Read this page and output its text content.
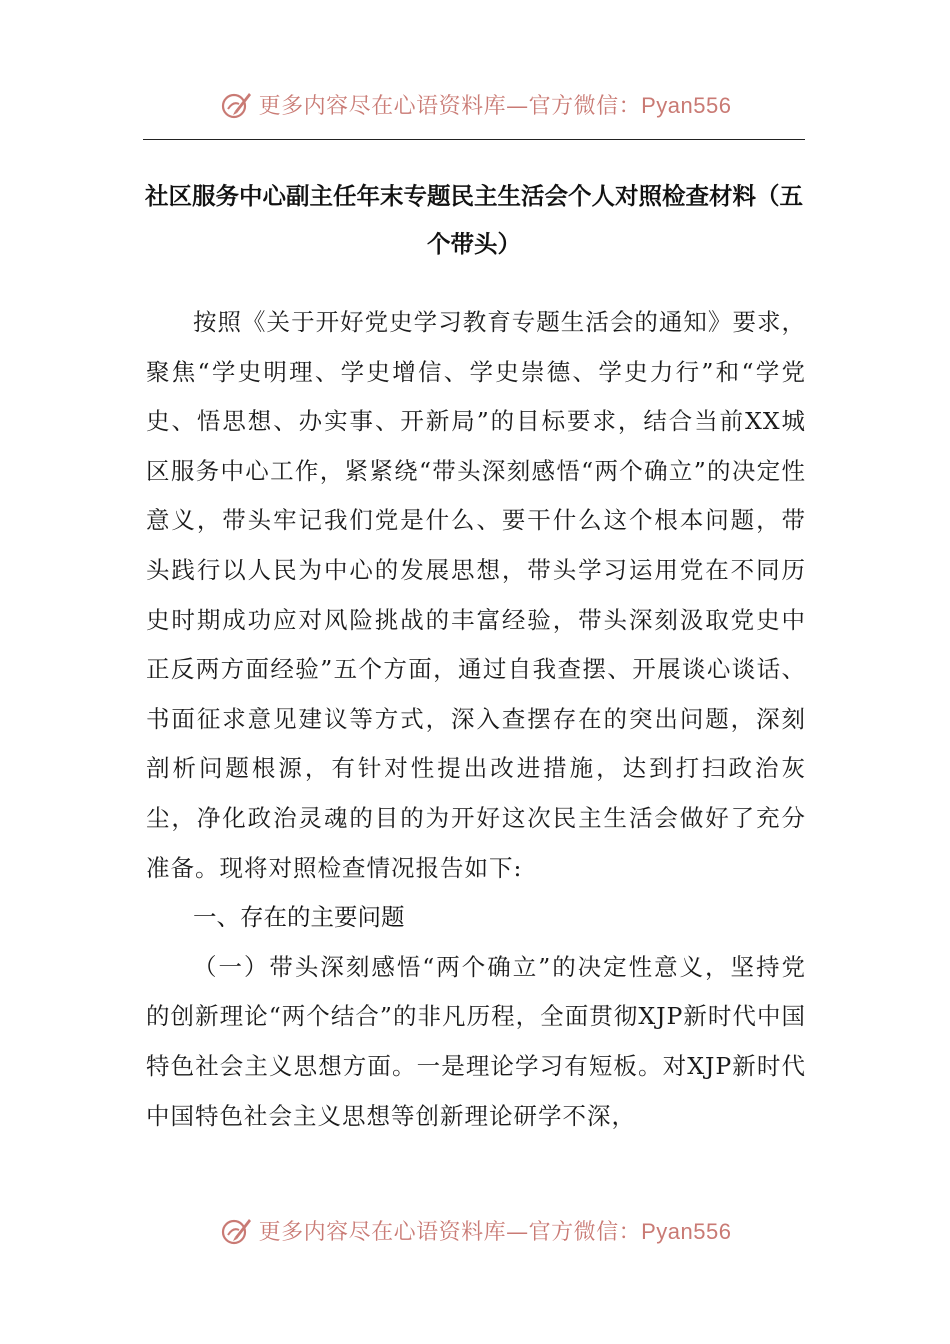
更多内容尽在心语资料库—官方微信：Pyan556
社区服务中心副主任年末专题民主生活会个人对照检查材料（五个带头）

按照《关于开好党史学习教育专题生活会的通知》要求，聚焦“学史明理、学史增信、学史崇德、学史力行”和“学党史、悟思想、办实事、开新局”的目标要求，结合当前XX城区服务中心工作，紧紧绕“带头深刻感悟“两个确立”的决定性意义，带头牢记我们党是什么、要干什么这个根本问题，带头践行以人民为中心的发展思想，带头学习运用党在不同历史时期成功应对风险挑战的丰富经验，带头深刻汲取党史中正反两方面经验”五个方面，通过自我查摆、开展谈心谈话、书面征求意见建议等方式，深入查摆存在的突出问题，深刻剖析问题根源，有针对性提出改进措施，达到打扫政治灰尘，净化政治灵魂的目的为开好这次民主生活会做好了充分准备。现将对照检查情况报告如下:

一、存在的主要问题

（一）带头深刻感悟“两个确立”的决定性意义，坚持党的创新理论“两个结合”的非凡历程，全面贯彻XJP新时代中国特色社会主义思想方面。一是理论学习有短板。对XJP新时代中国特色社会主义思想等创新理论研学不深，

更多内容尽在心语资料库—官方微信：Pyan556
